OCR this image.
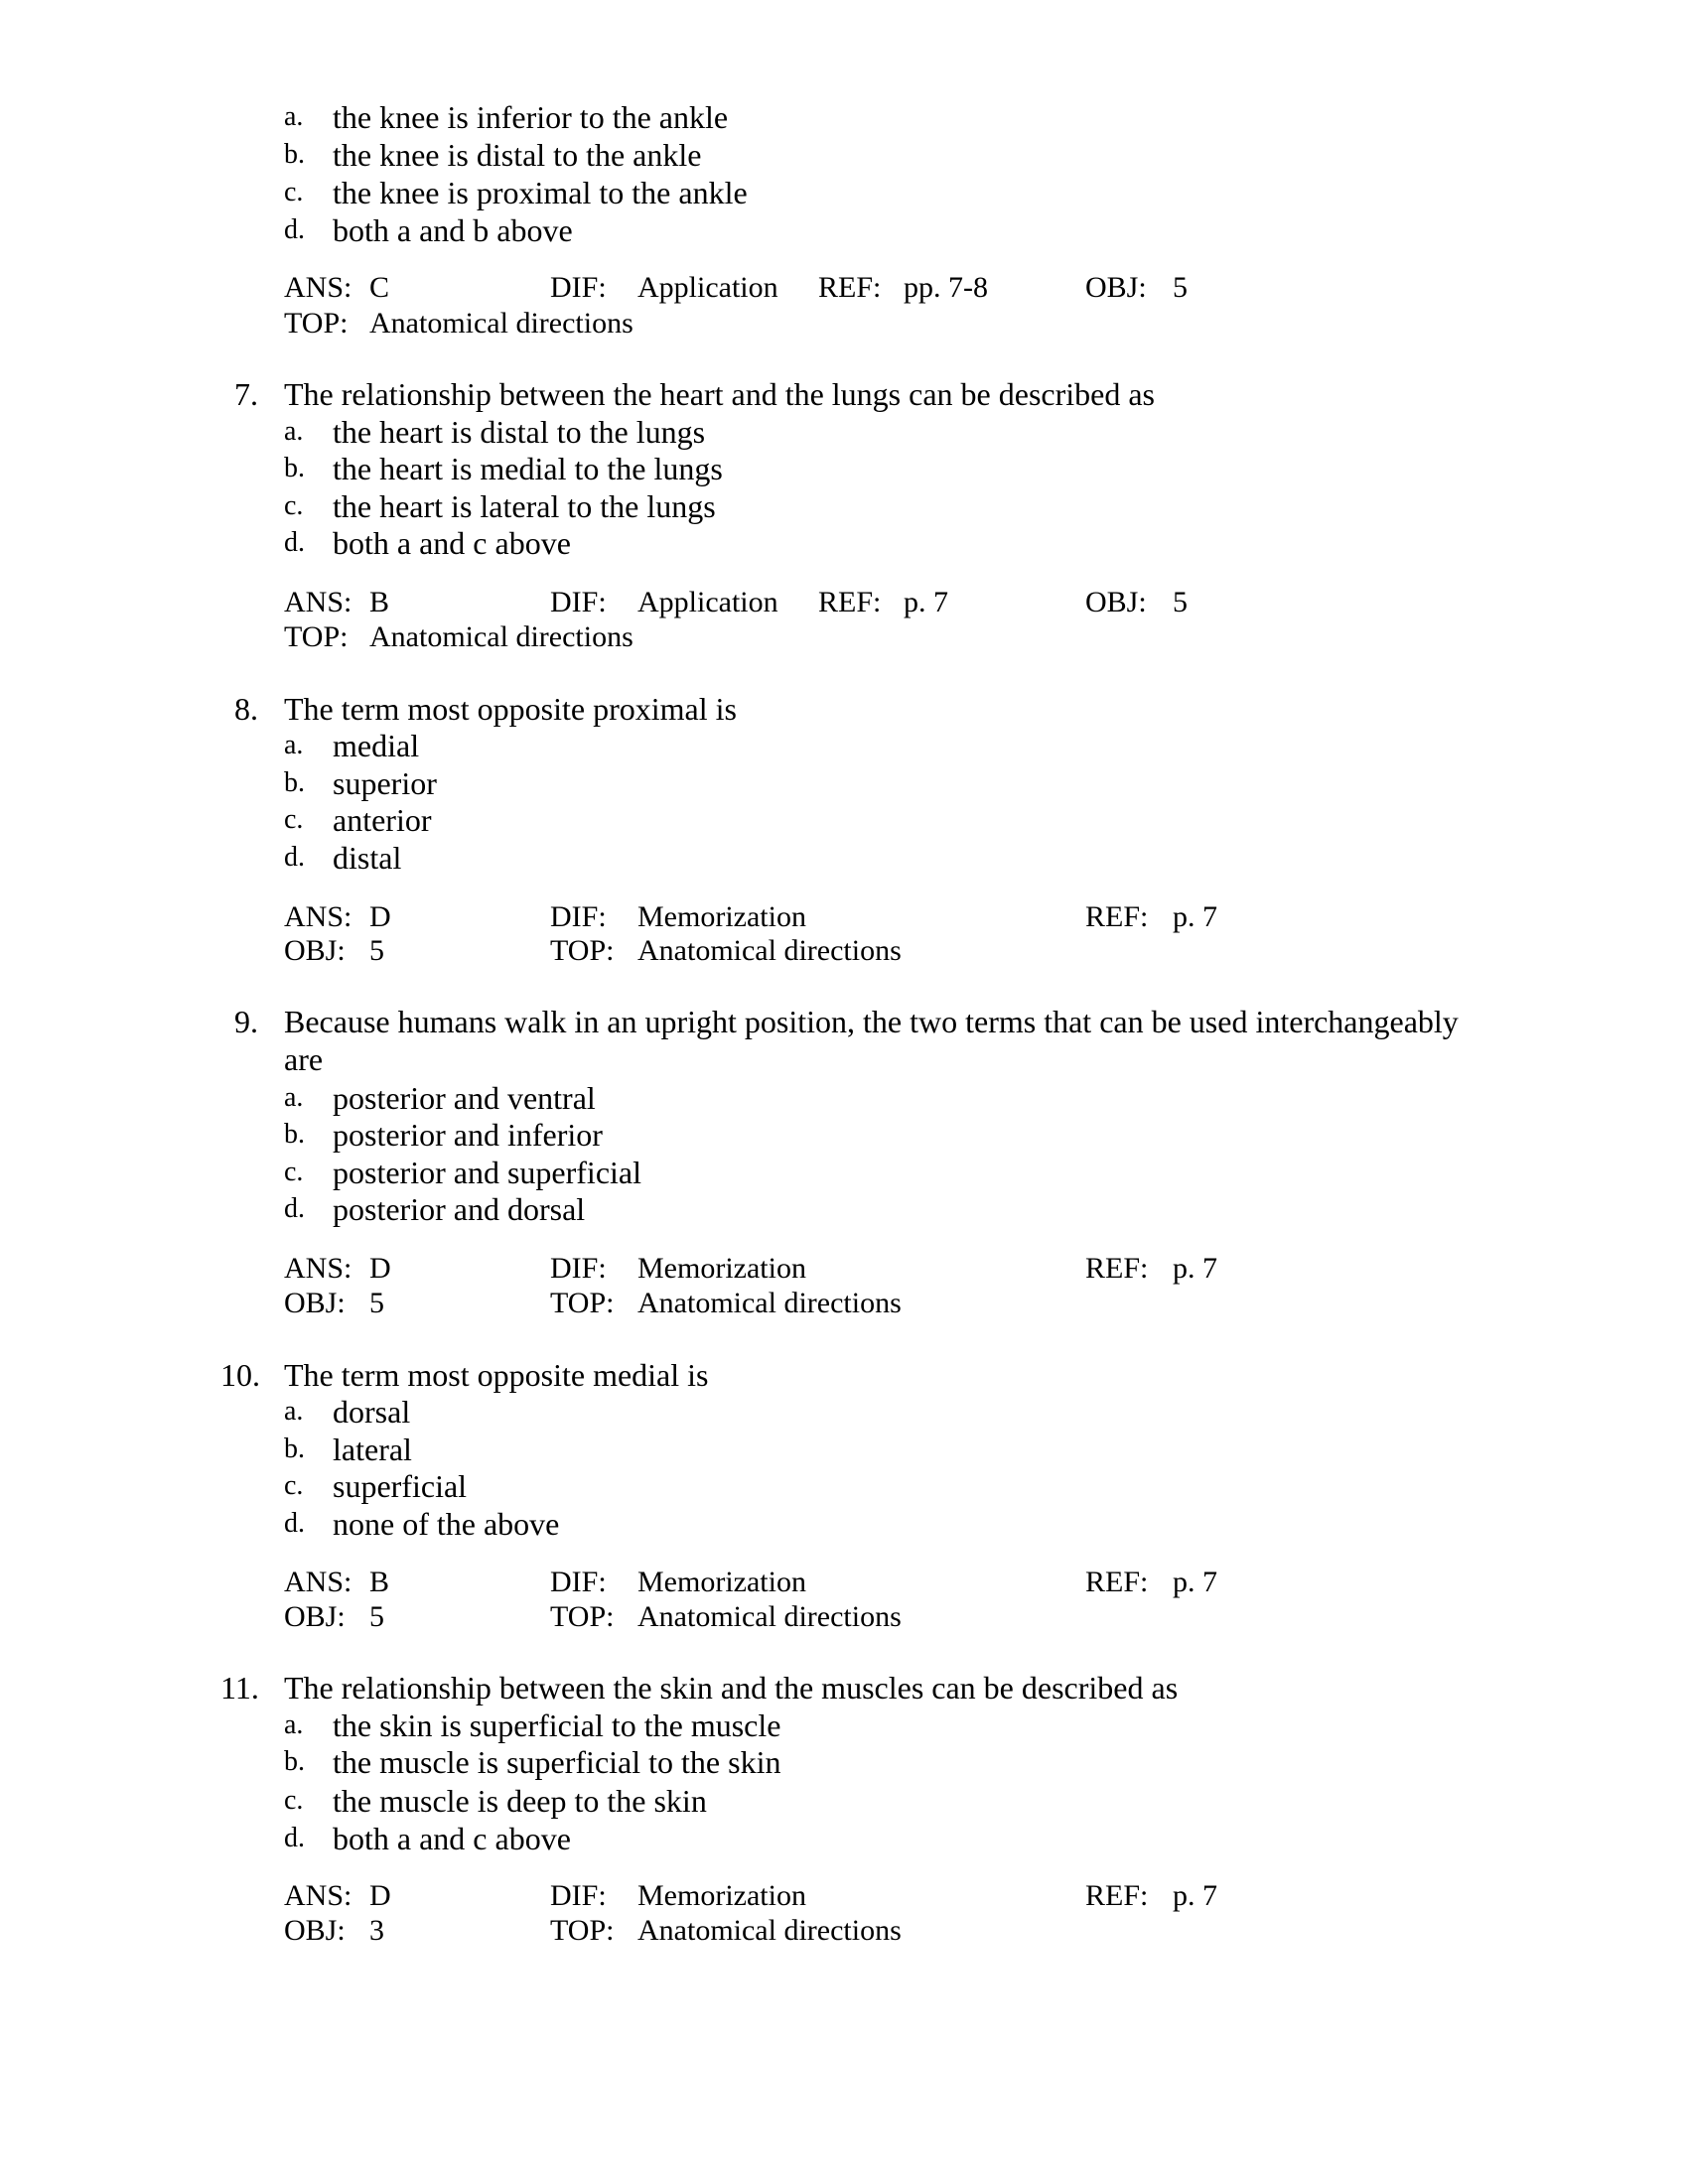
a. the knee is inferior to the ankle
b. the knee is distal to the ankle
c. the knee is proximal to the ankle
d. both a and b above
ANS: C	DIF: Application REF: pp. 7-8	OBJ: 5
TOP: Anatomical directions
7. The relationship between the heart and the lungs can be described as
a. the heart is distal to the lungs
b. the heart is medial to the lungs
c. the heart is lateral to the lungs
d. both a and c above
ANS: B	DIF: Application REF: p. 7	OBJ: 5
TOP: Anatomical directions
8. The term most opposite proximal is
a. medial
b. superior
c. anterior
d. distal
ANS: D	DIF: Memorization	REF: p. 7
OBJ: 5	TOP: Anatomical directions
9. Because humans walk in an upright position, the two terms that can be used interchangeably
are
a. posterior and ventral
b. posterior and inferior
c. posterior and superficial
d. posterior and dorsal
ANS: D	DIF: Memorization	REF: p. 7
OBJ: 5	TOP: Anatomical directions
10. The term most opposite medial is
a. dorsal
b. lateral
c. superficial
d. none of the above
ANS: B	DIF: Memorization	REF: p. 7
OBJ: 5	TOP: Anatomical directions
11. The relationship between the skin and the muscles can be described as
a. the skin is superficial to the muscle
b. the muscle is superficial to the skin
c. the muscle is deep to the skin
d. both a and c above
ANS: D	DIF: Memorization	REF: p. 7
OBJ: 3	TOP: Anatomical directions
